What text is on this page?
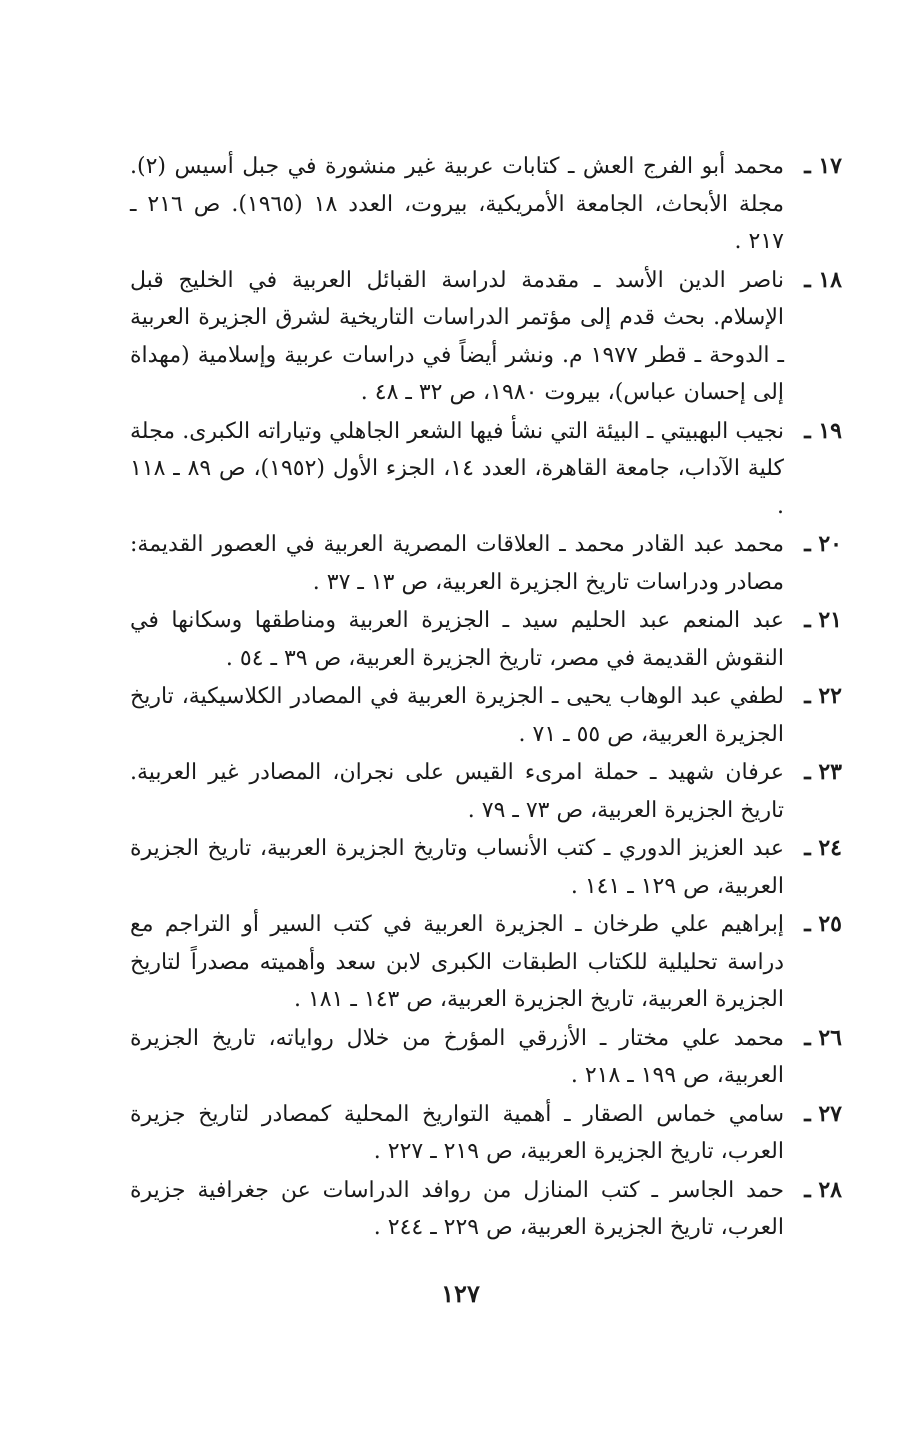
١٧ ـ
محمد أبو الفرج العش ـ كتابات عربية غير منشورة في جبل أسيس (٢). مجلة الأبحاث، الجامعة الأمريكية، بيروت، العدد ١٨ (١٩٦٥). ص ٢١٦ ـ ٢١٧ .
١٨ ـ
ناصر الدين الأسد ـ مقدمة لدراسة القبائل العربية في الخليج قبل الإسلام. بحث قدم إلى مؤتمر الدراسات التاريخية لشرق الجزيرة العربية ـ الدوحة ـ قطر ١٩٧٧ م. ونشر أيضاً في دراسات عربية وإسلامية (مهداة إلى إحسان عباس)، بيروت ١٩٨٠، ص ٣٢ ـ ٤٨ .
١٩ ـ
نجيب البهبيتي ـ البيئة التي نشأ فيها الشعر الجاهلي وتياراته الكبرى. مجلة كلية الآداب، جامعة القاهرة، العدد ١٤، الجزء الأول (١٩٥٢)، ص ٨٩ ـ ١١٨ .
٢٠ ـ
محمد عبد القادر محمد ـ العلاقات المصرية العربية في العصور القديمة: مصادر ودراسات تاريخ الجزيرة العربية، ص ١٣ ـ ٣٧ .
٢١ ـ
عبد المنعم عبد الحليم سيد ـ الجزيرة العربية ومناطقها وسكانها في النقوش القديمة في مصر، تاريخ الجزيرة العربية، ص ٣٩ ـ ٥٤ .
٢٢ ـ
لطفي عبد الوهاب يحيى ـ الجزيرة العربية في المصادر الكلاسيكية، تاريخ الجزيرة العربية، ص ٥٥ ـ ٧١ .
٢٣ ـ
عرفان شهيد ـ حملة امرىء القيس على نجران، المصادر غير العربية. تاريخ الجزيرة العربية، ص ٧٣ ـ ٧٩ .
٢٤ ـ
عبد العزيز الدوري ـ كتب الأنساب وتاريخ الجزيرة العربية، تاريخ الجزيرة العربية، ص ١٢٩ ـ ١٤١ .
٢٥ ـ
إبراهيم علي طرخان ـ الجزيرة العربية في كتب السير أو التراجم مع دراسة تحليلية للكتاب الطبقات الكبرى لابن سعد وأهميته مصدراً لتاريخ الجزيرة العربية، تاريخ الجزيرة العربية، ص ١٤٣ ـ ١٨١ .
٢٦ ـ
محمد علي مختار ـ الأزرقي المؤرخ من خلال رواياته، تاريخ الجزيرة العربية، ص ١٩٩ ـ ٢١٨ .
٢٧ ـ
سامي خماس الصقار ـ أهمية التواريخ المحلية كمصادر لتاريخ جزيرة العرب، تاريخ الجزيرة العربية، ص ٢١٩ ـ ٢٢٧ .
٢٨ ـ
حمد الجاسر ـ كتب المنازل من روافد الدراسات عن جغرافية جزيرة العرب، تاريخ الجزيرة العربية، ص ٢٢٩ ـ ٢٤٤ .
١٢٧
